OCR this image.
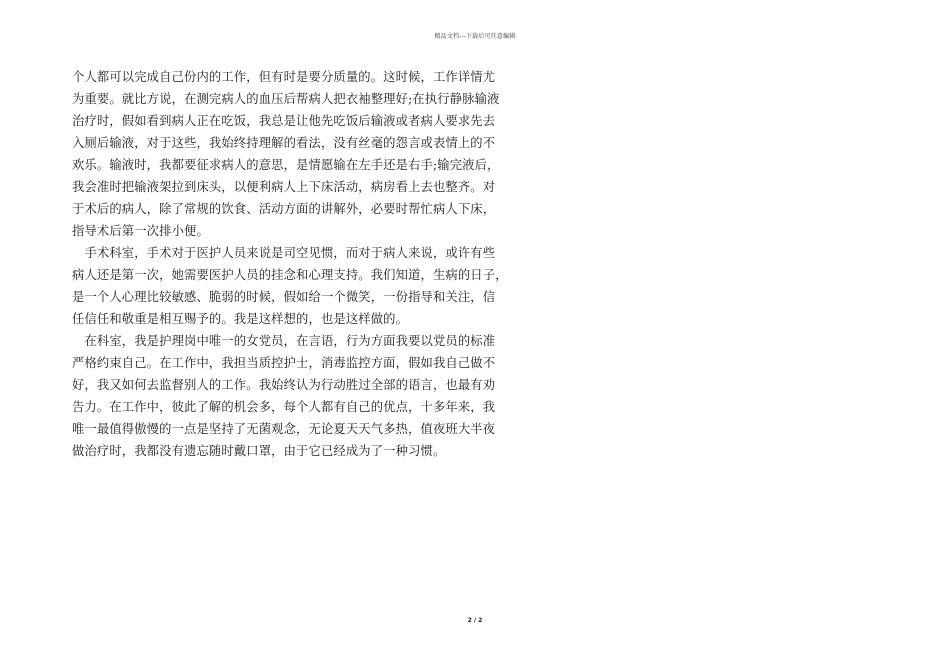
精品文档---下载后可任意编辑

个人都可以完成自己份内的工作，但有时是要分质量的。这时候，工作详情尤
为重要。就比方说，在测完病人的血压后帮病人把衣袖整理好;在执行静脉输液
治疗时，假如看到病人正在吃饭，我总是让他先吃饭后输液或者病人要求先去
入厕后输液，对于这些，我始终持理解的看法，没有丝毫的怨言或表情上的不
欢乐。输液时，我都要征求病人的意思，是情愿输在左手还是右手;输完液后，
我会准时把输液架拉到床头，以便利病人上下床活动，病房看上去也整齐。对
于术后的病人，除了常规的饮食、活动方面的讲解外，必要时帮忙病人下床，
指导术后第一次排小便。

　手术科室，手术对于医护人员来说是司空见惯，而对于病人来说，或许有些
病人还是第一次，她需要医护人员的挂念和心理支持。我们知道，生病的日子，
是一个人心理比较敏感、脆弱的时候，假如给一个微笑，一份指导和关注，信
任信任和敬重是相互赐予的。我是这样想的，也是这样做的。

　在科室，我是护理岗中唯一的女党员，在言语，行为方面我要以党员的标准
严格约束自己。在工作中，我担当质控护士，消毒监控方面，假如我自己做不
好，我又如何去监督别人的工作。我始终认为行动胜过全部的语言，也最有劝
告力。在工作中，彼此了解的机会多，每个人都有自己的优点，十多年来，我
唯一最值得傲慢的一点是坚持了无菌观念，无论夏天天气多热，值夜班大半夜
做治疗时，我都没有遗忘随时戴口罩，由于它已经成为了一种习惯。

2 / 2
